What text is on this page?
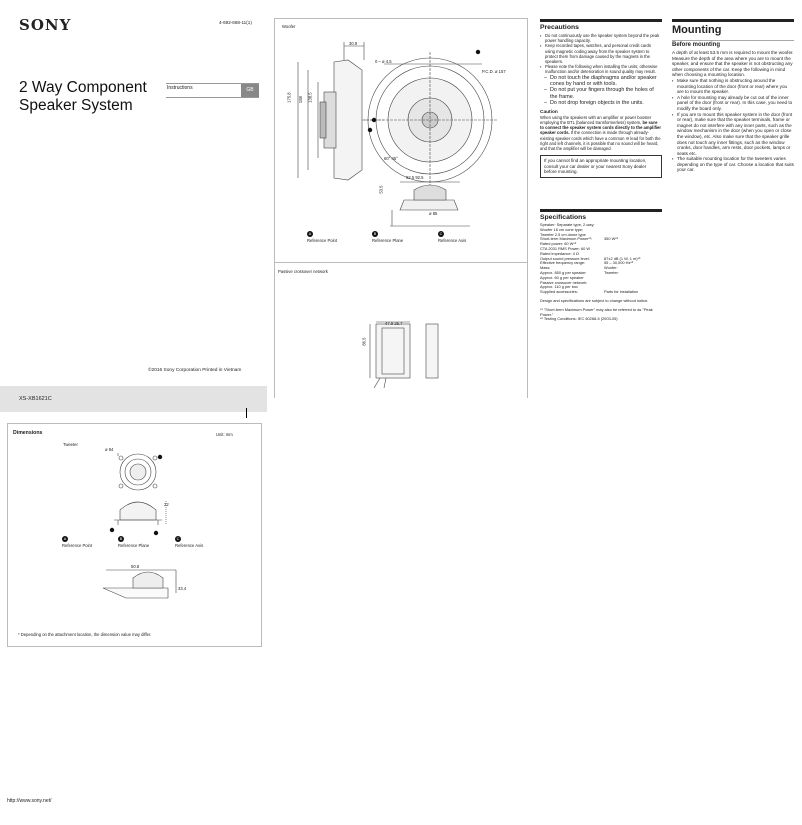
SONY	4-692-688-11(1)
2 Way Component
Speaker System
Instructions	GB
©2016 Sony Corporation Printed in Vietnam
XS-XB1621C
Dimensions	Unit: mm
Tweeter
ø 94
22
50.8
33.4
A
Reference Point
B
Reference Plane
C
Reference Axis
* Depending on the attachment location, the dimension value may differ.
http://www.sony.net/
Woofer
30.9
0 – ø 4.5
P.C.D. ø 157
175.8 158 138.5
60° 45°
92.5 92.5
53.5
ø 85
A
Reference Point
B
Reference Plane
C
Reference Axis
Passive crossover network
47.9 25.7
86.5
Precautions
▪ Do not continuously use the speaker system beyond the peak power handling capacity.
▪ Keep recorded tapes, watches, and personal credit cards using magnetic coding away from the speaker system to protect them from damage caused by the magnets in the speakers.
▪ Please note the following when installing the units; otherwise malfunction and/or deterioration in sound quality may result.
– Do not touch the diaphragms and/or speaker cones by hand or with tools.
– Do not put your fingers through the holes of the frame.
– Do not drop foreign objects in the units.
Caution
When using the speakers with an amplifier or power booster employing the BTL (balanced transformerless) system, be sure to connect the speaker system cords directly to the amplifier speaker cords. If the connection is made through already-existing speaker cords which have a common ⊖ lead for both the right and left channels, it is possible that no sound will be heard, and that the amplifier will be damaged.
If you cannot find an appropriate mounting location, consult your car dealer or your nearest Sony dealer before mounting.
Specifications
Speaker: Separate type, 2-way;
Woofer 16 cm cone type;
Tweeter 2.5 cm dome type
Short-term Maximum Power*¹:	350 W*²
Rated power: 60 W*²
CTA 2031 RMS Power: 60 W
Rated impedance: 4 Ω
Output sound pressure level:	87±2 dB (1 W, 1 m)*³
Effective frequency range:	55 – 30,000 Hz*³
Mass:	Woofer:
Approx. 850 g per speaker	Tweeter:
Approx. 60 g per speaker
Passive crossover network:
Approx. 110 g per box
Supplied accessories:	Parts for installation
Design and specifications are subject to change without notice.
*¹ "Short-term Maximum Power" may also be referred to as "Peak Power."
*² Testing Conditions: IEC 60268-5 (2003-05)
Mounting
Before mounting
A depth of at least 53.5 mm is required to mount the woofer. Measure the depth of the area where you are to mount the speaker, and ensure that the speaker is not obstructing any other components of the car. Keep the following in mind when choosing a mounting location.
▪ Make sure that nothing is obstructing around the mounting location of the door (front or rear) where you are to mount the speaker.
▪ A hole for mounting may already be cut out of the inner panel of the door (front or rear). In this case, you need to modify the board only.
▪ If you are to mount this speaker system in the door (front or rear), make sure that the speaker terminals, frame or magnet do not interfere with any inner parts, such as the window mechanism in the door (when you open or close the window), etc. Also make sure that the speaker grille does not touch any inner fittings, such as the window cranks, door handles, arm rests, door pockets, lamps or seats etc.
▪ The suitable mounting location for the tweeters varies depending on the type of car. Choose a location that suits your car.
